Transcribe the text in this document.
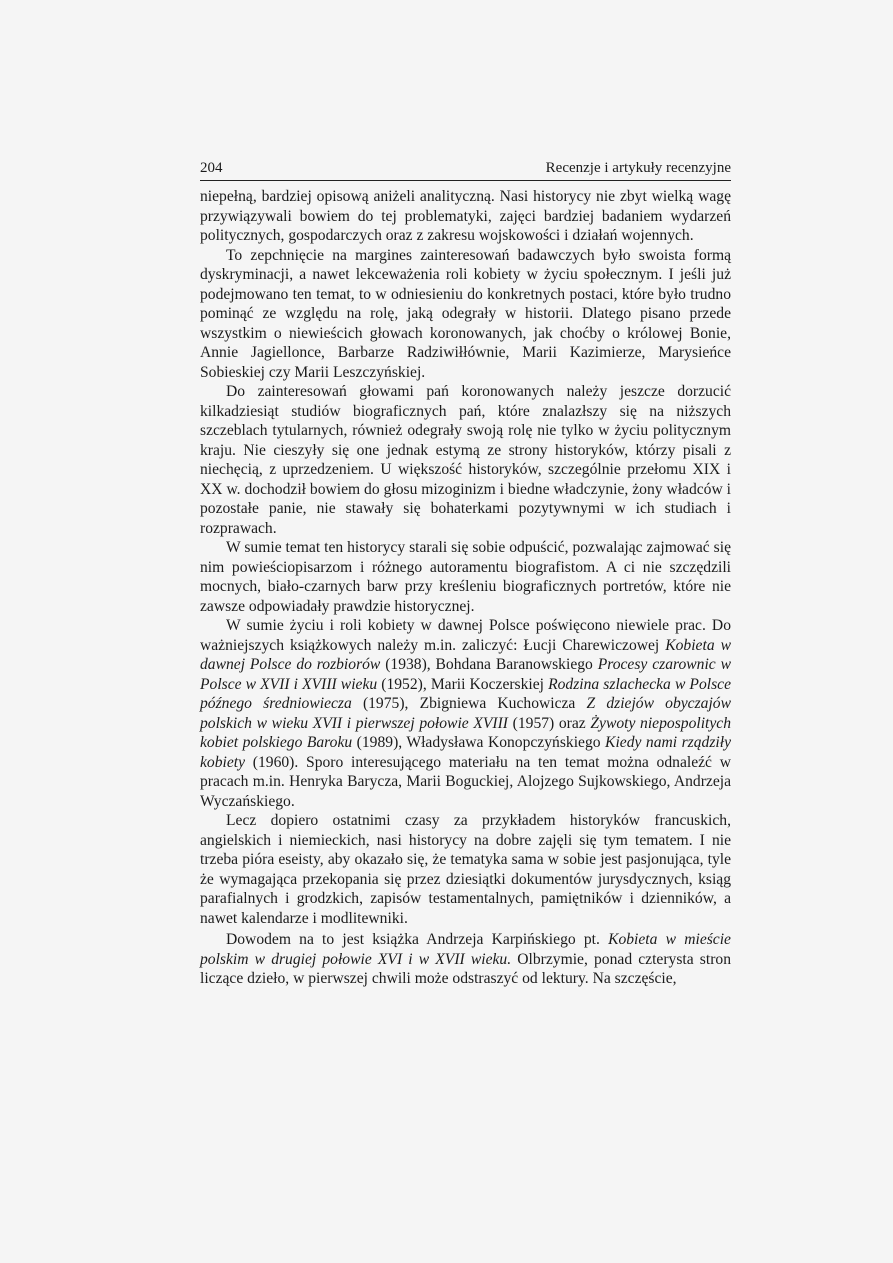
204	Recenzje i artykuły recenzyjne

niepełną, bardziej opisową aniżeli analityczną. Nasi historycy nie zbyt wielką wagę przywiązywali bowiem do tej problematyki, zajęci bardziej badaniem wydarzeń politycznych, gospodarczych oraz z zakresu wojskowości i działań wojennych.

To zepchnięcie na margines zainteresowań badawczych było swoista formą dyskryminacji, a nawet lekceważenia roli kobiety w życiu społecznym. I jeśli już podejmowano ten temat, to w odniesieniu do konkretnych postaci, które było trudno pominąć ze względu na rolę, jaką odegrały w historii. Dlatego pisano przede wszystkim o niewieścich głowach koronowanych, jak choćby o królowej Bonie, Annie Jagiellonce, Barbarze Radziwiłłównie, Marii Kazimierze, Marysieńce Sobieskiej czy Marii Leszczyńskiej.

Do zainteresowań głowami pań koronowanych należy jeszcze dorzucić kilkadziesiąt studiów biograficznych pań, które znalazłszy się na niższych szczeblach tytularnych, również odegrały swoją rolę nie tylko w życiu politycznym kraju. Nie cieszyły się one jednak estymą ze strony historyków, którzy pisali z niechęcią, z uprzedzeniem. U większość historyków, szczególnie przełomu XIX i XX w. dochodził bowiem do głosu mizoginizm i biedne władczynie, żony władców i pozostałe panie, nie stawały się bohaterkami pozytywnymi w ich studiach i rozprawach.

W sumie temat ten historycy starali się sobie odpuścić, pozwalając zajmować się nim powieściopisarzom i różnego autoramentu biografistom. A ci nie szczędzili mocnych, biało-czarnych barw przy kreśleniu biograficznych portretów, które nie zawsze odpowiadały prawdzie historycznej.

W sumie życiu i roli kobiety w dawnej Polsce poświęcono niewiele prac. Do ważniejszych książkowych należy m.in. zaliczyć: Łucji Charewiczowej Kobieta w dawnej Polsce do rozbiorów (1938), Bohdana Baranowskiego Procesy czarownic w Polsce w XVII i XVIII wieku (1952), Marii Koczerskiej Rodzina szlachecka w Polsce późnego średniowiecza (1975), Zbigniewa Kuchowicza Z dziejów obyczajów polskich w wieku XVII i pierwszej połowie XVIII (1957) oraz Żywoty niepospolitych kobiet polskiego Baroku (1989), Władysława Konopczyńskiego Kiedy nami rządziły kobiety (1960). Sporo interesującego materiału na ten temat można odnaleźć w pracach m.in. Henryka Barycza, Marii Boguckiej, Alojzego Sujkowskiego, Andrzeja Wyczańskiego.

Lecz dopiero ostatnimi czasy za przykładem historyków francuskich, angielskich i niemieckich, nasi historycy na dobre zajęli się tym tematem. I nie trzeba pióra eseisty, aby okazało się, że tematyka sama w sobie jest pasjonująca, tyle że wymagająca przekopania się przez dziesiątki dokumentów jurysdycznych, ksiąg parafialnych i grodzkich, zapisów testamentalnych, pamiętników i dzienników, a nawet kalendarze i modlitewniki.

Dowodem na to jest książka Andrzeja Karpińskiego pt. Kobieta w mieście polskim w drugiej połowie XVI i w XVII wieku. Olbrzymie, ponad czterysta stron liczące dzieło, w pierwszej chwili może odstraszyć od lektury. Na szczęście,
